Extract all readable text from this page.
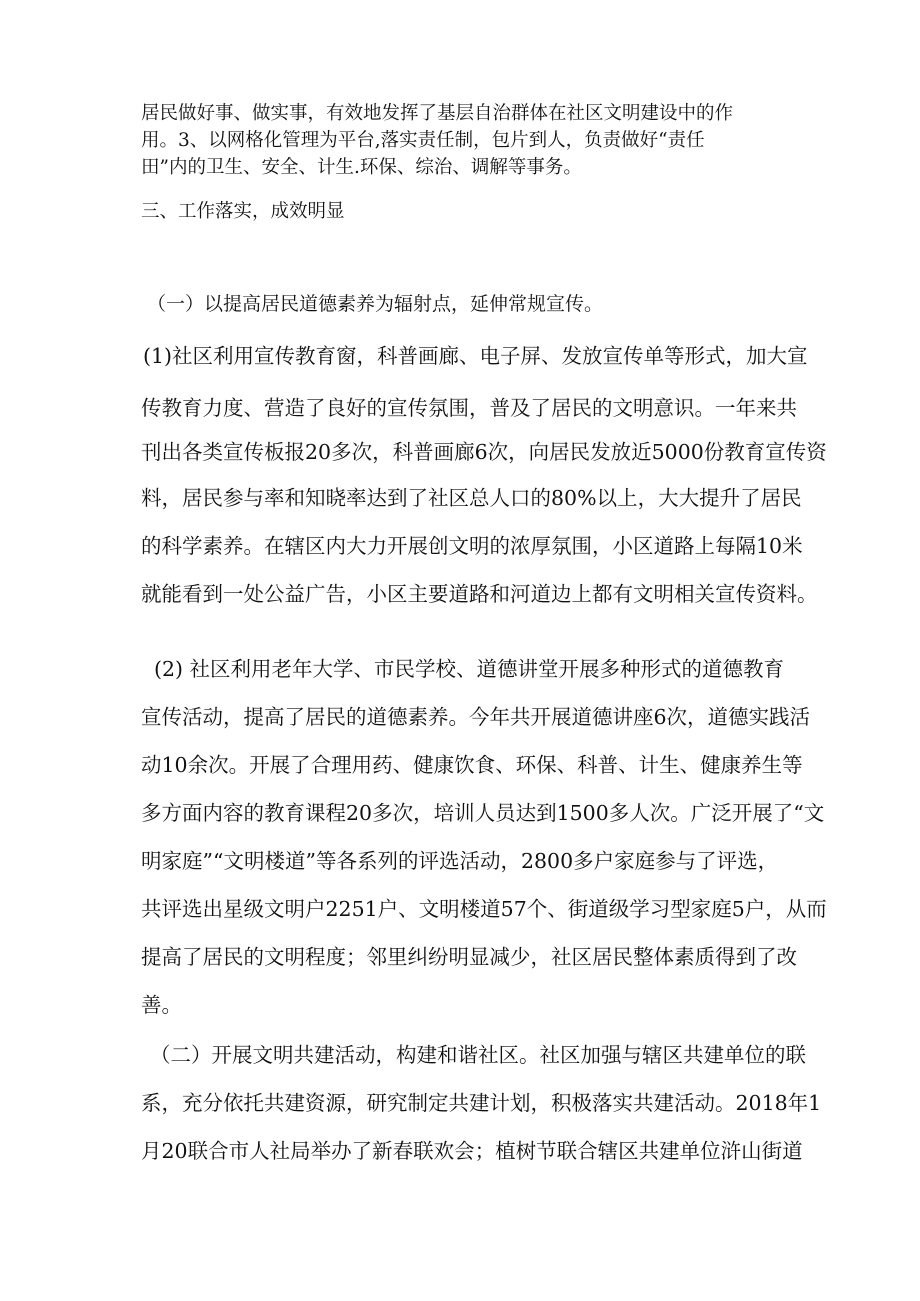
居民做好事、做实事，有效地发挥了基层自治群体在社区文明建设中的作
用。3、以网格化管理为平台,落实责任制，包片到人，负责做好“责任
田”内的卫生、安全、计生.环保、综治、调解等事务。
三、工作落实，成效明显
（一）以提高居民道德素养为辐射点，延伸常规宣传。
(1)社区利用宣传教育窗，科普画廊、电子屏、发放宣传单等形式，加大宣
传教育力度、营造了良好的宣传氛围，普及了居民的文明意识。一年来共
刊出各类宣传板报20多次，科普画廊6次，向居民发放近5000份教育宣传资
料，居民参与率和知晓率达到了社区总人口的80%以上，大大提升了居民
的科学素养。在辖区内大力开展创文明的浓厚氛围，小区道路上每隔10米
就能看到一处公益广告，小区主要道路和河道边上都有文明相关宣传资料。
(2) 社区利用老年大学、市民学校、道德讲堂开展多种形式的道德教育
宣传活动，提高了居民的道德素养。今年共开展道德讲座6次，道德实践活
动10余次。开展了合理用药、健康饮食、环保、科普、计生、健康养生等
多方面内容的教育课程20多次，培训人员达到1500多人次。广泛开展了“文
明家庭”“文明楼道”等各系列的评选活动，2800多户家庭参与了评选，
共评选出星级文明户2251户、文明楼道57个、街道级学习型家庭5户，从而
提高了居民的文明程度；邻里纠纷明显减少，社区居民整体素质得到了改
善。
（二）开展文明共建活动，构建和谐社区。社区加强与辖区共建单位的联
系，充分依托共建资源，研究制定共建计划，积极落实共建活动。2018年1
月20联合市人社局举办了新春联欢会；植树节联合辖区共建单位浒山街道
